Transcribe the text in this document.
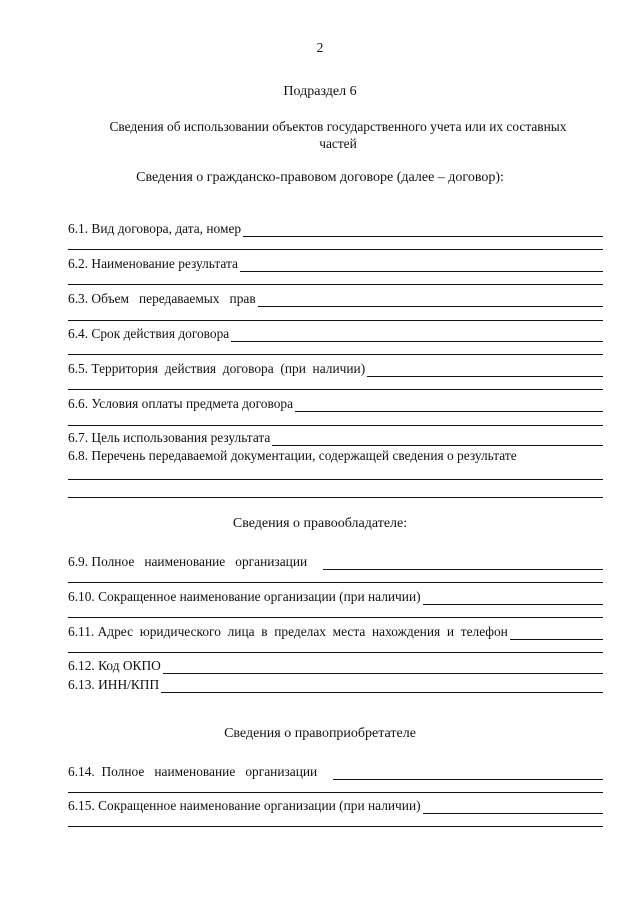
2
Подраздел 6
Сведения об использовании объектов государственного учета или их составных
частей
Сведения о гражданско-правовом договоре (далее – договор):
6.1. Вид договора, дата, номер
6.2. Наименование результата
6.3. Объем   передаваемых   прав
6.4. Срок действия договора
6.5. Территория  действия  договора  (при  наличии)
6.6. Условия оплаты предмета договора
6.7. Цель использования результата
6.8. Перечень передаваемой документации, содержащей сведения о результате
Сведения о правообладателе:
6.9. Полное   наименование   организации
6.10. Сокращенное наименование организации (при наличии)
6.11. Адрес  юридического  лица  в  пределах  места  нахождения  и  телефон
6.12. Код ОКПО
6.13. ИНН/КПП
Сведения о правоприобретателе
6.14.  Полное   наименование   организации
6.15. Сокращенное наименование организации (при наличии)
